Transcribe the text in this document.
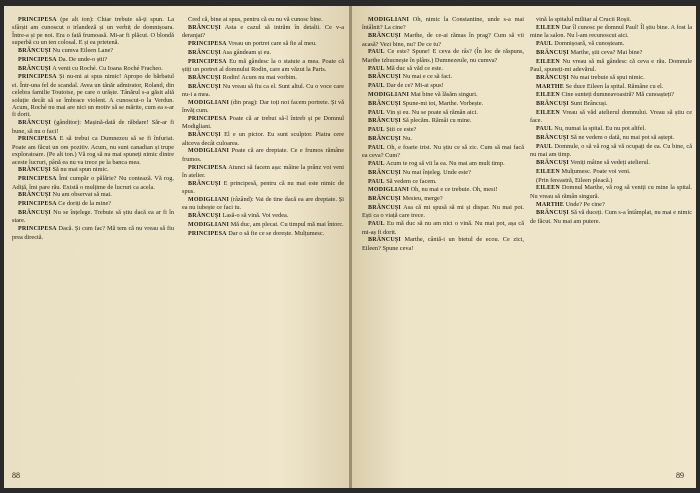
PRINCIPESA (pe alt ton): Chiar trebuie să-ți spun. La sfârșit am cunoscut o irlandeză și un verbiț de domnișoara. Între-a și pe noi. Era o fată frumoasă. Mi-ar fi plăcut. O blondă superbă cu un ten colosal. E și ea prietenă.

BRÂNCUȘI Nu cumva Eileen Lane?

PRINCIPESA Da. De unde-o știi?

BRÂNCUȘI A venit cu Roché. Cu Ioana Roché Fracheo.

PRINCIPESA Și nu-mi ai spus nimic! Apropo de bărbatul ei. Într-una fel de scandal. Avea un tânăr admirator, Roland, din celebra familie Toutoise, pe care o urăște. Tânărul s-a găsit altă soluție decât să se îmbrace violent. A cunoscut-o la Verdun. Acum, Roché nu mai are nici un motiv să se mărite, cum ea s-ar fi dorit.

BRÂNCUȘI (gânditor): Mașină-dată de răbdare! Săr-ar fi bune, să nu o faci!

PRINCIPESA E să trebui ca Dumnezeu să se fi înfuriat. Poate am făcut un om pozitiv. Acum, nu sunt canadian și trupe exploratoare. (Pe alt ton.) Vă rog să nu mai spuneți nimic dintre aceste lucruri, până ea nu va trece pe la banca mea.

BRÂNCUȘI Să nu mai spun nimic.

PRINCIPESA Îmi cumpăr o pălărie? Nu contează. Vă rog. Adiță, îmi pare rău. Există o mulțime de lucruri ca acela.

BRÂNCUȘI Nu am observat să mai.

PRINCIPESA Ce doriți de la mine?

BRÂNCUȘI Nu se înțelege. Trebuie să știu dacă ea ar fi în stare.

PRINCIPESA Dacă. Și cum fac? Mă tem că nu vreau să fiu prea directă.

Cred că, bine ai spus, pentru că eu nu vă cunosc bine.

BRÂNCUȘI Asta e cazul să intrăm în detalii. Ce v-a deranjat?

PRINCIPESA Vreau un portret care să fie al meu.

BRÂNCUȘI Asa gândeam și eu.

PRINCIPESA Eu mă gândesc la o statuie a mea. Poate că știți un portret al domnului Rodin, care am văzut la Paris.

BRÂNCUȘI Rodin! Acum nu mai vorbim.

BRÂNCUȘI Nu vreau să fiu ca el. Sunt altul. Cu o voce care nu-i a mea.

MODIGLIANI (din prag): Dar toți noi facem portrete. Și vă învăț cum.

PRINCIPESA Poate că ar trebui să-l întreb și pe Domnul Modigliani.

BRÂNCUȘI El e un pictor. Eu sunt sculptor. Piatra cere altceva decât culoarea.

MODIGLIANI Poate că are dreptate. Ce e frumos rămâne frumos.

PRINCIPESA Atunci să facem așa: mâine la prânz voi veni în atelier.

BRÂNCUȘI E principesă, pentru că nu mai este nimic de spus.

MODIGLIANI (râzând): Vai de tine dacă ea are dreptate. Și ea nu iubește ce faci tu.

BRÂNCUȘI Lasă-o să vină. Voi vedea.

MODIGLIANI Mă duc, am plecat. Cu timpul mă mai întorc.

PRINCIPESA Dar o să fie ce se dorește. Mulțumesc.

88

MODIGLIANI Oh, nimic la Constantine, unde s-a mai întâlnit? La cine?

BRÂNCUȘI Marthe, de ce-ai rămas în prag? Cum să vii acasă? Vezi bine, nu? De ce tu?

PAUL Ce este? Spune! E ceva de râs? (În loc de răspuns, Marthe izbucnește în plâns.) Dumnezeule, nu cumva?

PAUL Mă duc să văd ce este.

BRÂNCUȘI Nu mai e ce să faci.

PAUL Dar de ce? Mi-ai spus!

MODIGLIANI Mai bine vă lăsăm singuri.

BRÂNCUȘI Spune-mi tot, Marthe. Vorbește.

PAUL Vin și eu. Nu se poate să rămân aici.

BRÂNCUȘI Să plecăm. Rămâi cu mine.

PAUL Știi ce este?

BRÂNCUȘI Nu.

PAUL Oh, e foarte trist. Nu știu ce să zic. Cum să mai facă ea ceva? Cum?

PAUL Acum te rog să vii la ea. Nu mai am mult timp.

BRÂNCUȘI Nu mai înțeleg. Unde este?

PAUL Să vedem ce facem.

MODIGLIANI Oh, nu mai e ce trebuie. Oh, mesi!

BRÂNCUȘI Mesieu, merge?

BRÂNCUȘI Asa că mi spusă să mi și dispar. Nu mai pot. Ești ca o viață care trece.

PAUL Eu mă duc să nu am nici o vină. Nu mai pot, așa că mi-aș fi dorit.

BRÂNCUȘI Marthe, cântă-i un bietul de ecou. Ce zici, Eileen? Spune ceva!

vină la spitalul militar al Crucii Roșii.

EILEEN Dar îl cunosc pe domnul Paul! Îl știu bine. A fost la mine la salon. Nu l-am recunoscut aici.

PAUL Domnișoară, vă cunoșteam.

BRÂNCUȘI Marthe, știi ceva? Mai bine?

EILEEN Nu vreau să mă gândesc că ceva e rău. Domnule Paul, spuneți-mi adevărul.

BRÂNCUȘI Nu mai trebuie să spui nimic.

MARTHE Se duce Eileen la spital. Rămâne cu el.

EILEEN Cine sunteți dumneavoastră? Mă cunoașteți?

BRÂNCUȘI Sunt Brâncuși.

EILEEN Vreau să văd atelierul domnului. Vreau să știu ce face.

PAUL Nu, numai la spital. Eu nu pot altfel.

BRÂNCUȘI Să ne vedem o dată, nu mai pot să aștept.

PAUL Domnule, o să vă rog să vă ocupați de ea. Cu bine, că nu mai am timp.

BRÂNCUȘI Veniți mâine să vedeți atelierul.

EILEEN Mulțumesc. Poate voi veni.

(Prin fereastră, Eileen pleacă.)

EILEEN Domnul Marthe, vă rog să veniți cu mine la spital. Nu vreau să rămân singură.

MARTHE Unde? Pe cine?

BRÂNCUȘI Să vă duceți. Cum s-a întâmplat, nu mai e nimic de făcut. Nu mai am putere.

89
